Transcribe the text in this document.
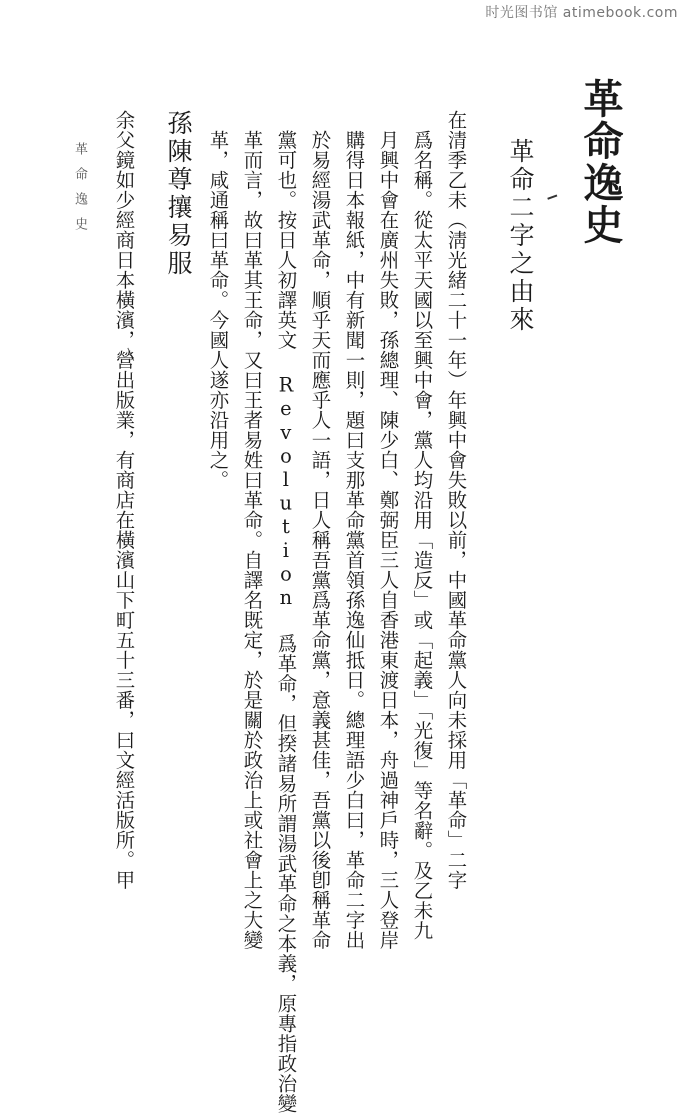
时光图书馆 atimebook.com
革命逸史
革命二字之由來
在清季乙未（淸光緒二十一年）年興中會失敗以前，中國革命黨人向未採用「革命」二字
爲名稱。從太平天國以至興中會，黨人均沿用「造反」或「起義」「光復」等名辭。及乙未九
月興中會在廣州失敗，孫總理、陳少白、鄭弼臣三人自香港東渡日本，舟過神戶時，三人登岸
購得日本報紙，中有新聞一則，題曰支那革命黨首領孫逸仙抵日。總理語少白曰，革命二字出
於易經湯武革命，順乎天而應乎人一語，日人稱吾黨爲革命黨，意義甚佳，吾黨以後卽稱革命
黨可也。按日人初譯英文 Revolution 爲革命，但揆諸易所謂湯武革命之本義，原專指政治變
革而言，故曰革其王命，又曰王者易姓曰革命。自譯名既定，於是關於政治上或社會上之大變
革，咸通稱曰革命。今國人遂亦沿用之。
孫陳尊攘易服
余父鏡如少經商日本橫濱，營出版業，有商店在橫濱山下町五十三番，曰文經活版所。甲
革命逸史
